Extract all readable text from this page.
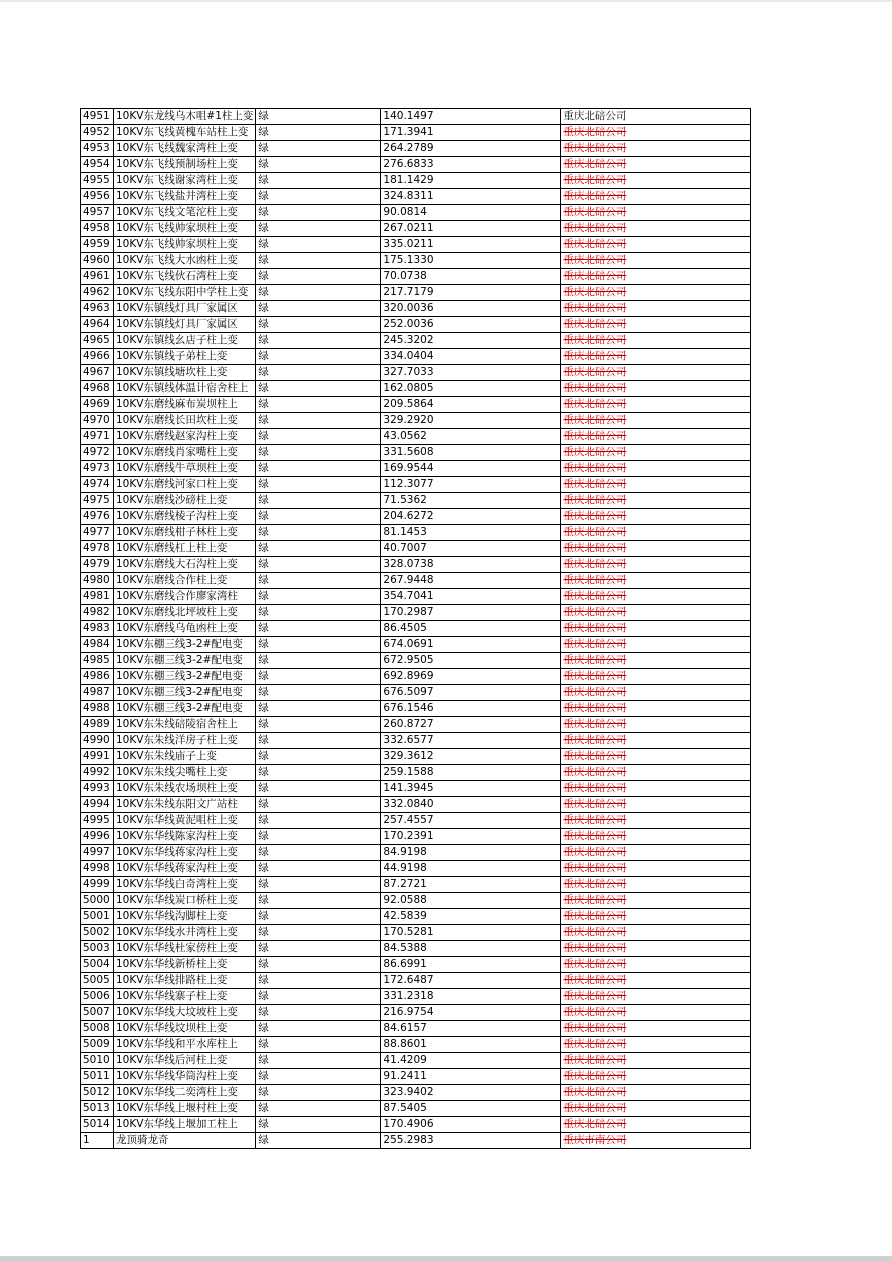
4951	10KV东龙线乌木咀#1柱上变	绿	140.1497	重庆北碚公司
4952	10KV东飞线黄槐车站柱上变	绿	171.3941	重庆北碚公司
4953	10KV东飞线魏家湾柱上变	绿	264.2789	重庆北碚公司
4954	10KV东飞线预制场柱上变	绿	276.6833	重庆北碚公司
4955	10KV东飞线谢家湾柱上变	绿	181.1429	重庆北碚公司
4956	10KV东飞线盐井湾柱上变	绿	324.8311	重庆北碚公司
4957	10KV东飞线文笔沱柱上变	绿	90.0814	重庆北碚公司
4958	10KV东飞线帅家坝柱上变	绿	267.0211	重庆北碚公司
4959	10KV东飞线帅家坝柱上变	绿	335.0211	重庆北碚公司
4960	10KV东飞线大水凼柱上变	绿	175.1330	重庆北碚公司
4961	10KV东飞线伙石湾柱上变	绿	70.0738	重庆北碚公司
4962	10KV东飞线东阳中学柱上变	绿	217.7179	重庆北碚公司
4963	10KV东镇线灯具厂家属区	绿	320.0036	重庆北碚公司
4964	10KV东镇线灯具厂家属区	绿	252.0036	重庆北碚公司
4965	10KV东镇线幺店子柱上变	绿	245.3202	重庆北碚公司
4966	10KV东镇线子弟柱上变	绿	334.0404	重庆北碚公司
4967	10KV东镇线塘坎柱上变	绿	327.7033	重庆北碚公司
4968	10KV东镇线体温计宿舍柱上	绿	162.0805	重庆北碚公司
4969	10KV东磨线麻布炭坝柱上	绿	209.5864	重庆北碚公司
4970	10KV东磨线长田坎柱上变	绿	329.2920	重庆北碚公司
4971	10KV东磨线赵家沟柱上变	绿	43.0562	重庆北碚公司
4972	10KV东磨线肖家嘴柱上变	绿	331.5608	重庆北碚公司
4973	10KV东磨线牛草坝柱上变	绿	169.9544	重庆北碚公司
4974	10KV东磨线河家口柱上变	绿	112.3077	重庆北碚公司
4975	10KV东磨线沙磅柱上变	绿	71.5362	重庆北碚公司
4976	10KV东磨线棱子沟柱上变	绿	204.6272	重庆北碚公司
4977	10KV东磨线柑子林柱上变	绿	81.1453	重庆北碚公司
4978	10KV东磨线杠上柱上变	绿	40.7007	重庆北碚公司
4979	10KV东磨线大石沟柱上变	绿	328.0738	重庆北碚公司
4980	10KV东磨线合作柱上变	绿	267.9448	重庆北碚公司
4981	10KV东磨线合作廖家湾柱	绿	354.7041	重庆北碚公司
4982	10KV东磨线北坪坡柱上变	绿	170.2987	重庆北碚公司
4983	10KV东磨线乌龟凼柱上变	绿	86.4505	重庆北碚公司
4984	10KV东棚三线3-2#配电变	绿	674.0691	重庆北碚公司
4985	10KV东棚三线3-2#配电变	绿	672.9505	重庆北碚公司
4986	10KV东棚三线3-2#配电变	绿	692.8969	重庆北碚公司
4987	10KV东棚三线3-2#配电变	绿	676.5097	重庆北碚公司
4988	10KV东棚三线3-2#配电变	绿	676.1546	重庆北碚公司
4989	10KV东朱线碚陵宿舍柱上	绿	260.8727	重庆北碚公司
4990	10KV东朱线洋房子柱上变	绿	332.6577	重庆北碚公司
4991	10KV东朱线庙子上变	绿	329.3612	重庆北碚公司
4992	10KV东朱线尖嘴柱上变	绿	259.1588	重庆北碚公司
4993	10KV东朱线农场坝柱上变	绿	141.3945	重庆北碚公司
4994	10KV东朱线东阳文广站柱	绿	332.0840	重庆北碚公司
4995	10KV东华线黄泥咀柱上变	绿	257.4557	重庆北碚公司
4996	10KV东华线陈家沟柱上变	绿	170.2391	重庆北碚公司
4997	10KV东华线蒋家沟柱上变	绿	84.9198	重庆北碚公司
4998	10KV东华线蒋家沟柱上变	绿	44.9198	重庆北碚公司
4999	10KV东华线白奇湾柱上变	绿	87.2721	重庆北碚公司
5000	10KV东华线炭口桥柱上变	绿	92.0588	重庆北碚公司
5001	10KV东华线沟脚柱上变	绿	42.5839	重庆北碚公司
5002	10KV东华线水井湾柱上变	绿	170.5281	重庆北碚公司
5003	10KV东华线杜家傍柱上变	绿	84.5388	重庆北碚公司
5004	10KV东华线新桥柱上变	绿	86.6991	重庆北碚公司
5005	10KV东华线排路柱上变	绿	172.6487	重庆北碚公司
5006	10KV东华线寨子柱上变	绿	331.2318	重庆北碚公司
5007	10KV东华线大坟坡柱上变	绿	216.9754	重庆北碚公司
5008	10KV东华线坟坝柱上变	绿	84.6157	重庆北碚公司
5009	10KV东华线和平水库柱上	绿	88.8601	重庆北碚公司
5010	10KV东华线后河柱上变	绿	41.4209	重庆北碚公司
5011	10KV东华线华筒沟柱上变	绿	91.2411	重庆北碚公司
5012	10KV东华线二奕湾柱上变	绿	323.9402	重庆北碚公司
5013	10KV东华线上堰村柱上变	绿	87.5405	重庆北碚公司
5014	10KV东华线上堰加工柱上	绿	170.4906	重庆北碚公司
1	龙顶骑龙奇	绿	255.2983	重庆市南公司
